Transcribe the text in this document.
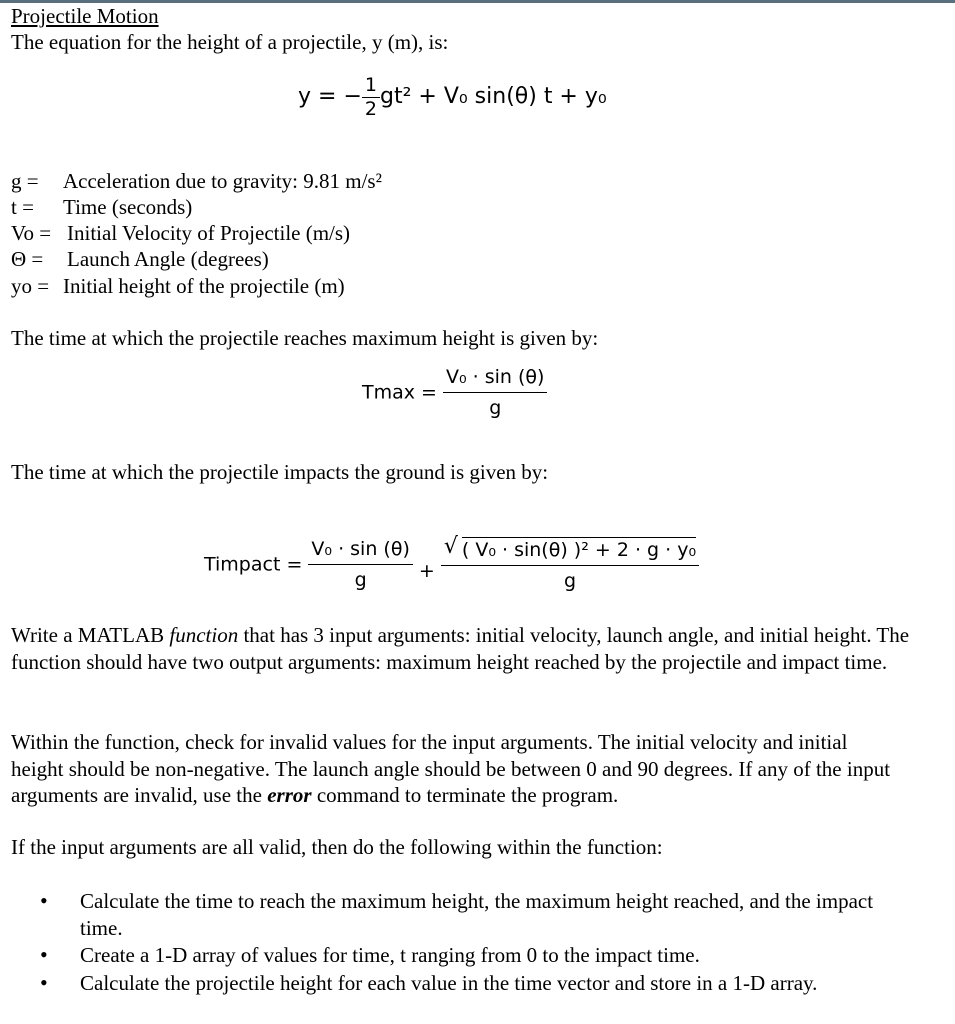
Projectile Motion
The equation for the height of a projectile, y (m), is:
y = − $\frac{1}{2} gt^2 + V_0$ sin(θ) t + y₀
g = Acceleration due to gravity: 9.81 m/s²
t = Time (seconds)
Vo = Initial Velocity of Projectile (m/s)
Θ = Launch Angle (degrees)
yo = Initial height of the projectile (m)
The time at which the projectile reaches maximum height is given by:
$Tmax = \frac{\text{V₀ · sin (θ)}}{g}$
The time at which the projectile impacts the ground is given by:
Timpact = $\frac{\text{V₀ · sin (θ)}}{g} + \frac{\text{√ ( V₀ · sin(θ) )² + 2 · g · y₀}}{g}$
Write a MATLAB function that has 3 input arguments: initial velocity, launch angle, and initial height. The function should have two output arguments: maximum height reached by the projectile and impact time.
Within the function, check for invalid values for the input arguments. The initial velocity and initial height should be non-negative. The launch angle should be between 0 and 90 degrees. If any of the input arguments are invalid, use the error command to terminate the program.
If the input arguments are all valid, then do the following within the function:
• Calculate the time to reach the maximum height, the maximum height reached, and the impact time.
• Create a 1-D array of values for time, t ranging from 0 to the impact time.
• Calculate the projectile height for each value in the time vector and store in a 1-D array.
